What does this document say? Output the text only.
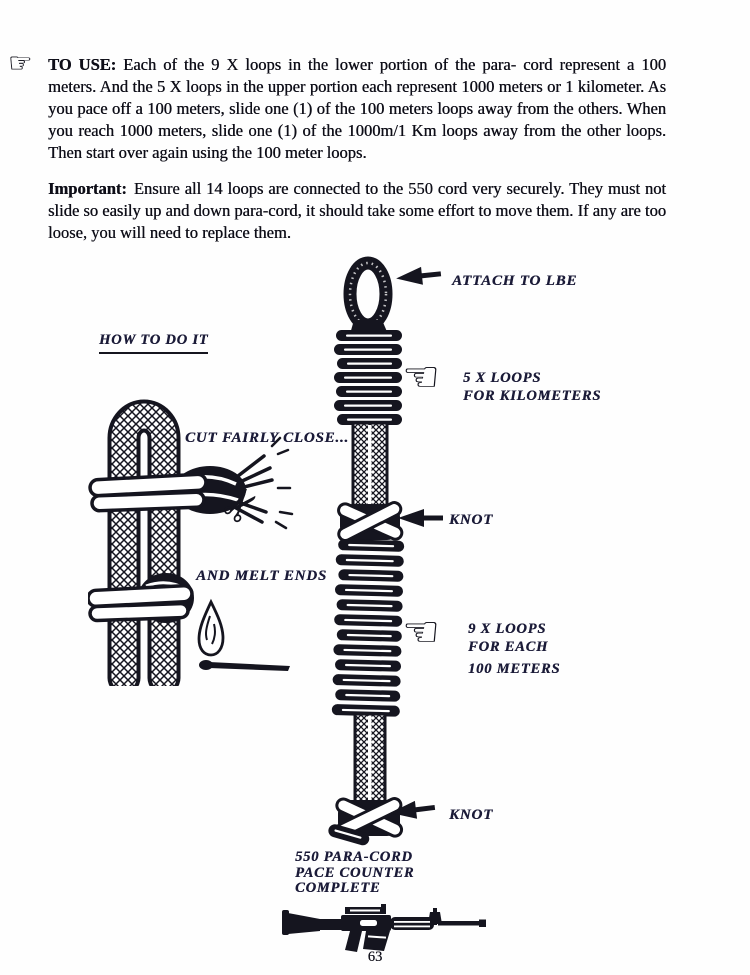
☞ TO USE: Each of the 9 X loops in the lower portion of the para- cord represent a 100 meters. And the 5 X loops in the upper portion each represent 1000 meters or 1 kilometer. As you pace off a 100 meters, slide one (1) of the 100 meters loops away from the others. When you reach 1000 meters, slide one (1) of the 1000m/1 Km loops away from the other loops. Then start over again using the 100 meter loops.
Important: Ensure all 14 loops are connected to the 550 cord very securely. They must not slide so easily up and down para-cord, it should take some effort to move them. If any are too loose, you will need to replace them.
HOW TO DO IT
✂
CUT FAIRLY CLOSE...
AND MELT ENDS
ATTACH TO LBE
☜ 5 X LOOPS
FOR KILOMETERS
KNOT
☜ 9 X LOOPS
FOR EACH
100 METERS
KNOT
550 PARA-CORD
PACE COUNTER
COMPLETE
63
